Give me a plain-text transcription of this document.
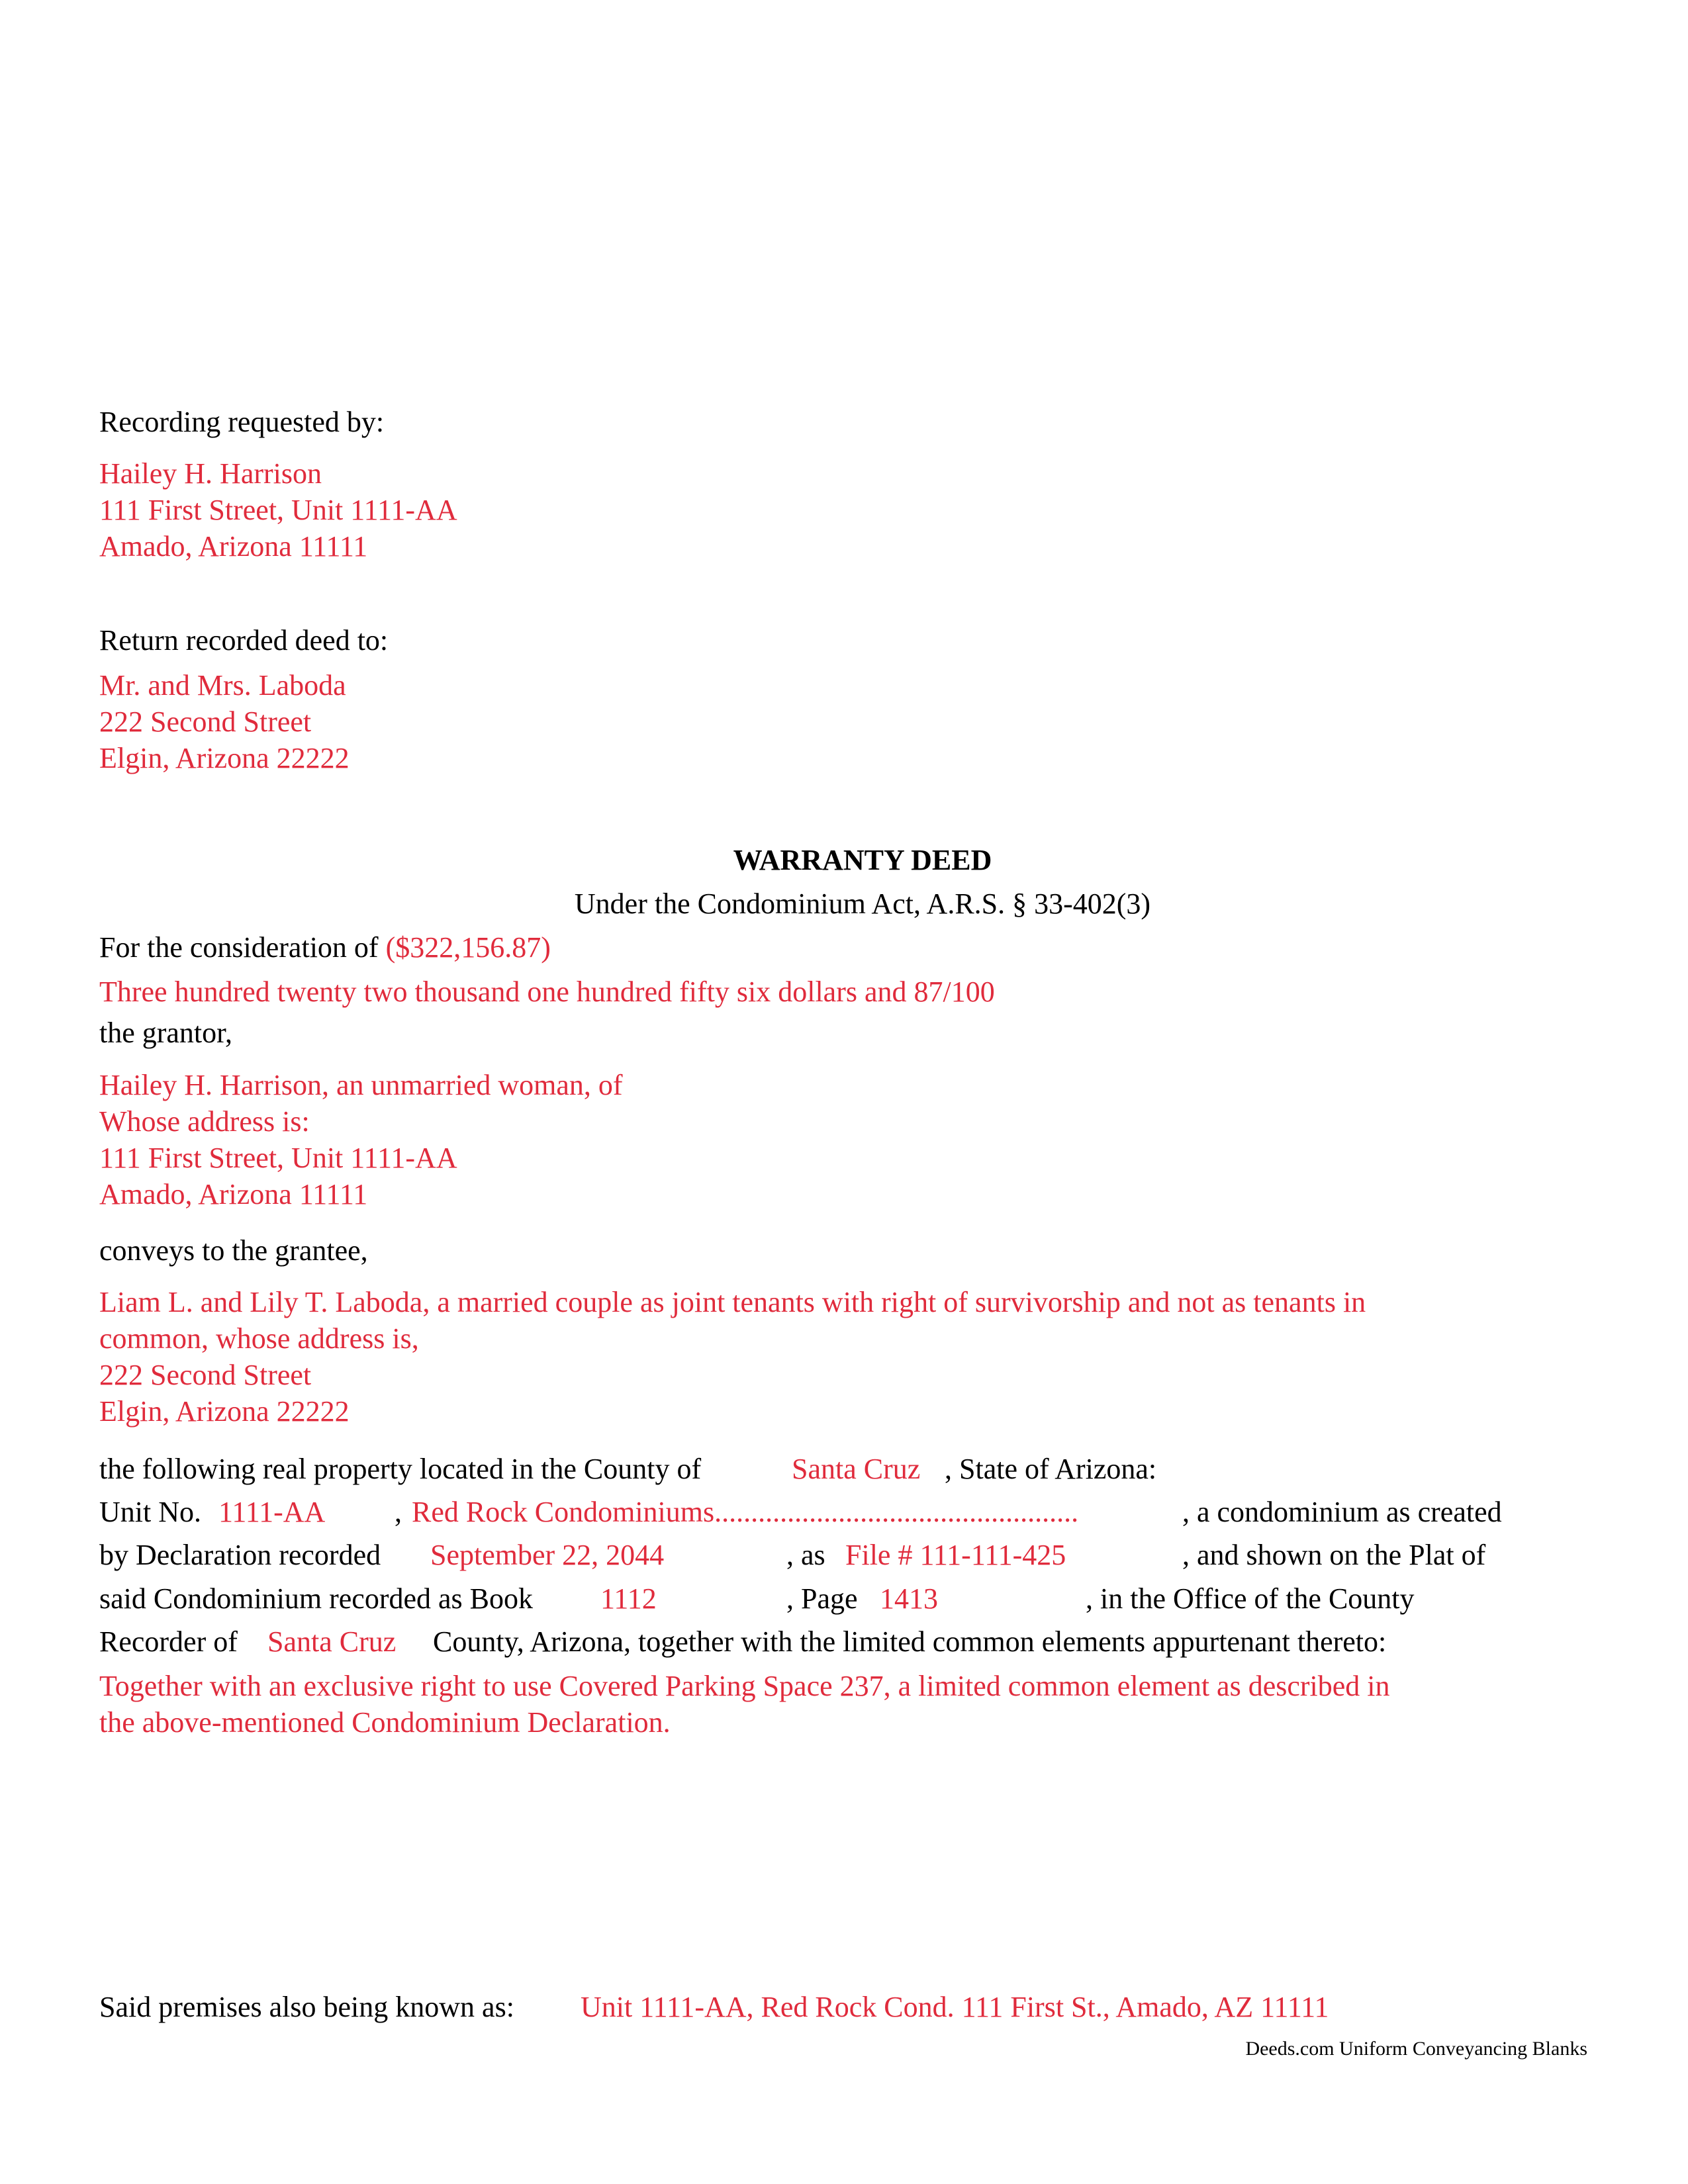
Recording requested by:
Hailey H. Harrison
111 First Street, Unit 1111-AA
Amado, Arizona 11111
Return recorded deed to:
Mr. and Mrs. Laboda
222 Second Street
Elgin, Arizona 22222
WARRANTY DEED
Under the Condominium Act, A.R.S. § 33-402(3)
For the consideration of ($322,156.87)
Three hundred twenty two thousand one hundred fifty six dollars and 87/100
the grantor,
Hailey H. Harrison, an unmarried woman, of
Whose address is:
111 First Street, Unit 1111-AA
Amado, Arizona 11111
conveys to the grantee,
Liam L. and Lily T. Laboda, a married couple as joint tenants with right of survivorship and not as tenants in
common, whose address is,
222 Second Street
Elgin, Arizona 22222
the following real property located in the County of	Santa Cruz , State of Arizona:
Unit No. 1111-AA , Red Rock Condominiums..................................................	, a condominium as created
by Declaration recorded September 22, 2044	, as File # 111-111-425	, and shown on the Plat of
said Condominium recorded as Book 1112	, Page 1413	, in the Office of the County
Recorder of Santa Cruz County, Arizona, together with the limited common elements appurtenant thereto:
Together with an exclusive right to use Covered Parking Space 237, a limited common element as described in
the above-mentioned Condominium Declaration.
Said premises also being known as: Unit 1111-AA, Red Rock Cond. 111 First St., Amado, AZ 11111
Deeds.com Uniform Conveyancing Blanks
